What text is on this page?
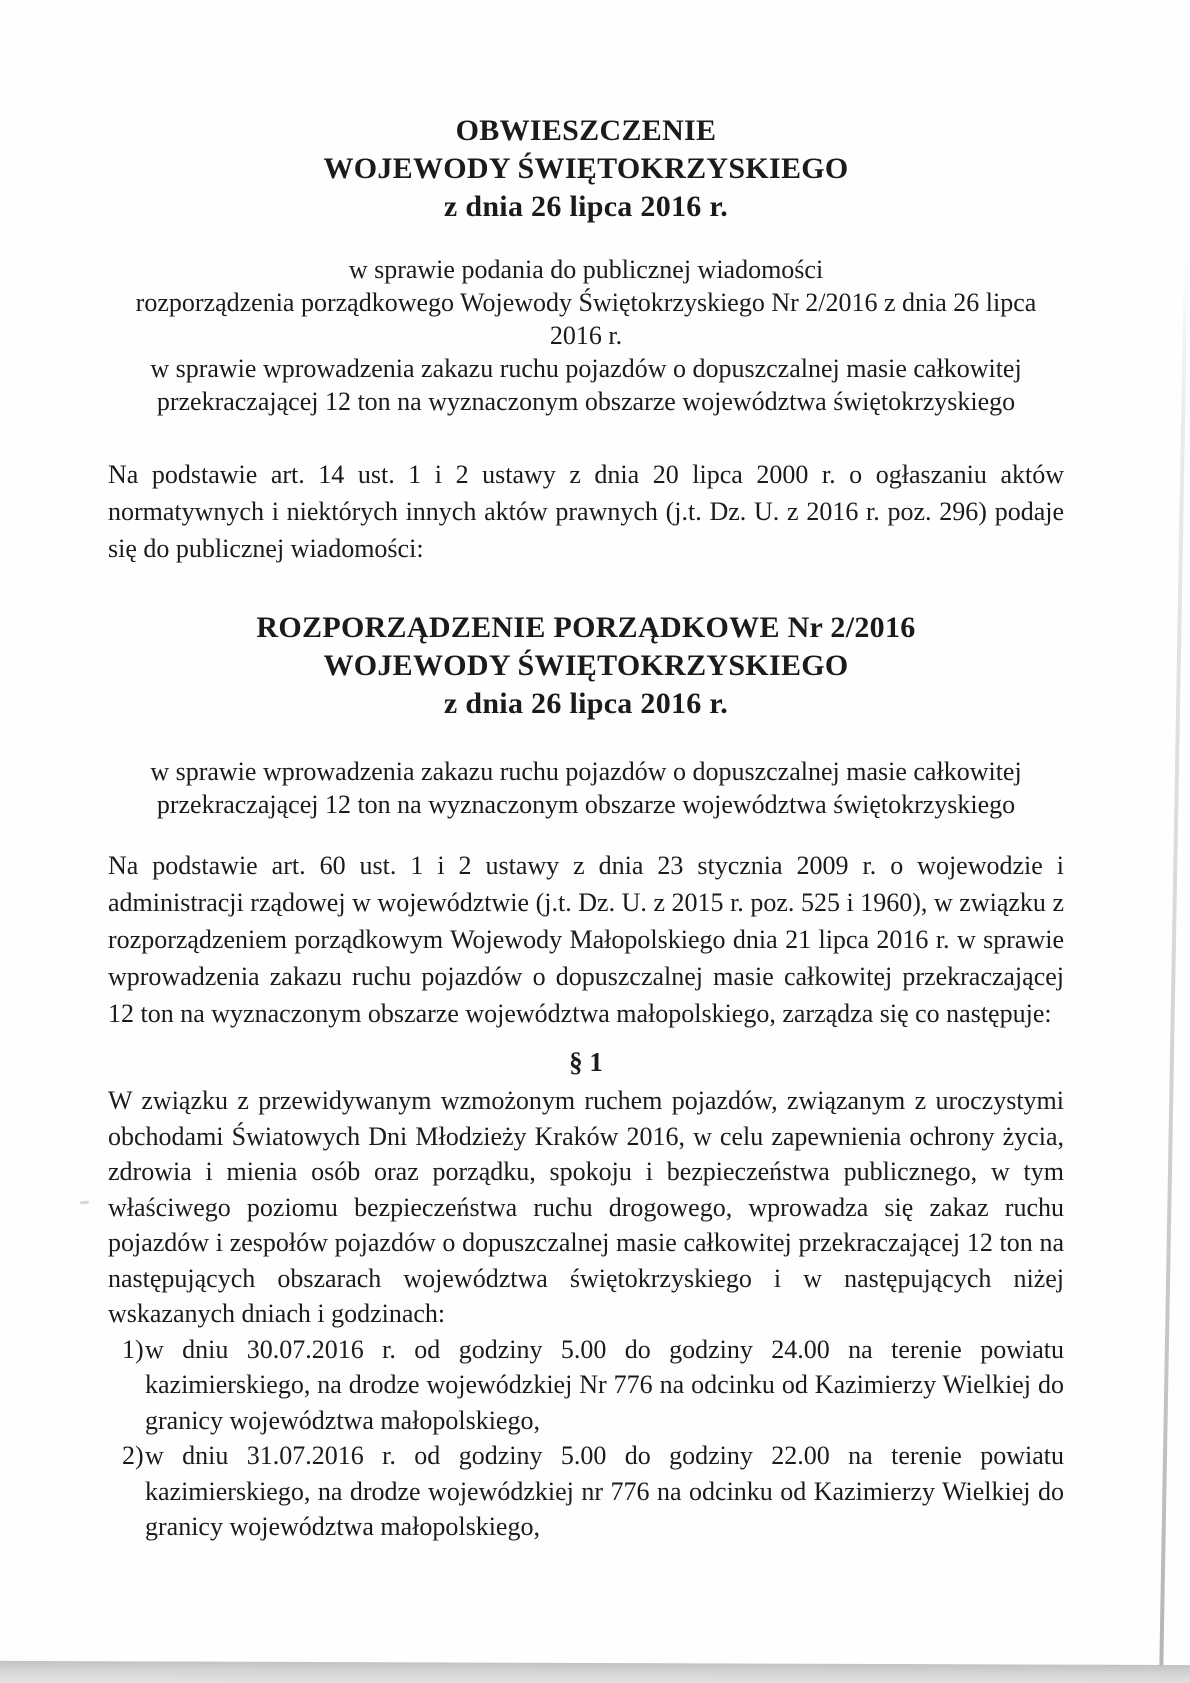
OBWIESZCZENIE
WOJEWODY ŚWIĘTOKRZYSKIEGO
z dnia 26 lipca 2016 r.
w sprawie podania do publicznej wiadomości
rozporządzenia porządkowego Wojewody Świętokrzyskiego Nr 2/2016 z dnia 26 lipca 2016 r.
w sprawie wprowadzenia zakazu ruchu pojazdów o dopuszczalnej masie całkowitej
przekraczającej 12 ton na wyznaczonym obszarze województwa świętokrzyskiego
Na podstawie art. 14 ust. 1 i 2 ustawy z dnia 20 lipca 2000 r. o ogłaszaniu aktów normatywnych i niektórych innych aktów prawnych (j.t. Dz. U. z 2016 r. poz. 296) podaje się do publicznej wiadomości:
ROZPORZĄDZENIE PORZĄDKOWE Nr 2/2016
WOJEWODY ŚWIĘTOKRZYSKIEGO
z dnia 26 lipca 2016 r.
w sprawie wprowadzenia zakazu ruchu pojazdów o dopuszczalnej masie całkowitej
przekraczającej 12 ton na wyznaczonym obszarze województwa świętokrzyskiego
Na podstawie art. 60 ust. 1 i 2 ustawy z dnia 23 stycznia 2009 r. o wojewodzie i administracji rządowej w województwie (j.t. Dz. U. z 2015 r. poz. 525 i 1960), w związku z rozporządzeniem porządkowym Wojewody Małopolskiego dnia 21 lipca 2016 r. w sprawie wprowadzenia zakazu ruchu pojazdów o dopuszczalnej masie całkowitej przekraczającej 12 ton na wyznaczonym obszarze województwa małopolskiego, zarządza się co następuje:
§ 1
W związku z przewidywanym wzmożonym ruchem pojazdów, związanym z uroczystymi obchodami Światowych Dni Młodzieży Kraków 2016, w celu zapewnienia ochrony życia, zdrowia i mienia osób oraz porządku, spokoju i bezpieczeństwa publicznego, w tym właściwego poziomu bezpieczeństwa ruchu drogowego, wprowadza się zakaz ruchu pojazdów i zespołów pojazdów o dopuszczalnej masie całkowitej przekraczającej 12 ton na następujących obszarach województwa świętokrzyskiego i w następujących niżej wskazanych dniach i godzinach:
1) w dniu 30.07.2016 r. od godziny 5.00 do godziny 24.00 na terenie powiatu kazimierskiego, na drodze wojewódzkiej Nr 776 na odcinku od Kazimierzy Wielkiej do granicy województwa małopolskiego,
2) w dniu 31.07.2016 r. od godziny 5.00 do godziny 22.00 na terenie powiatu kazimierskiego, na drodze wojewódzkiej nr 776 na odcinku od Kazimierzy Wielkiej do granicy województwa małopolskiego,
